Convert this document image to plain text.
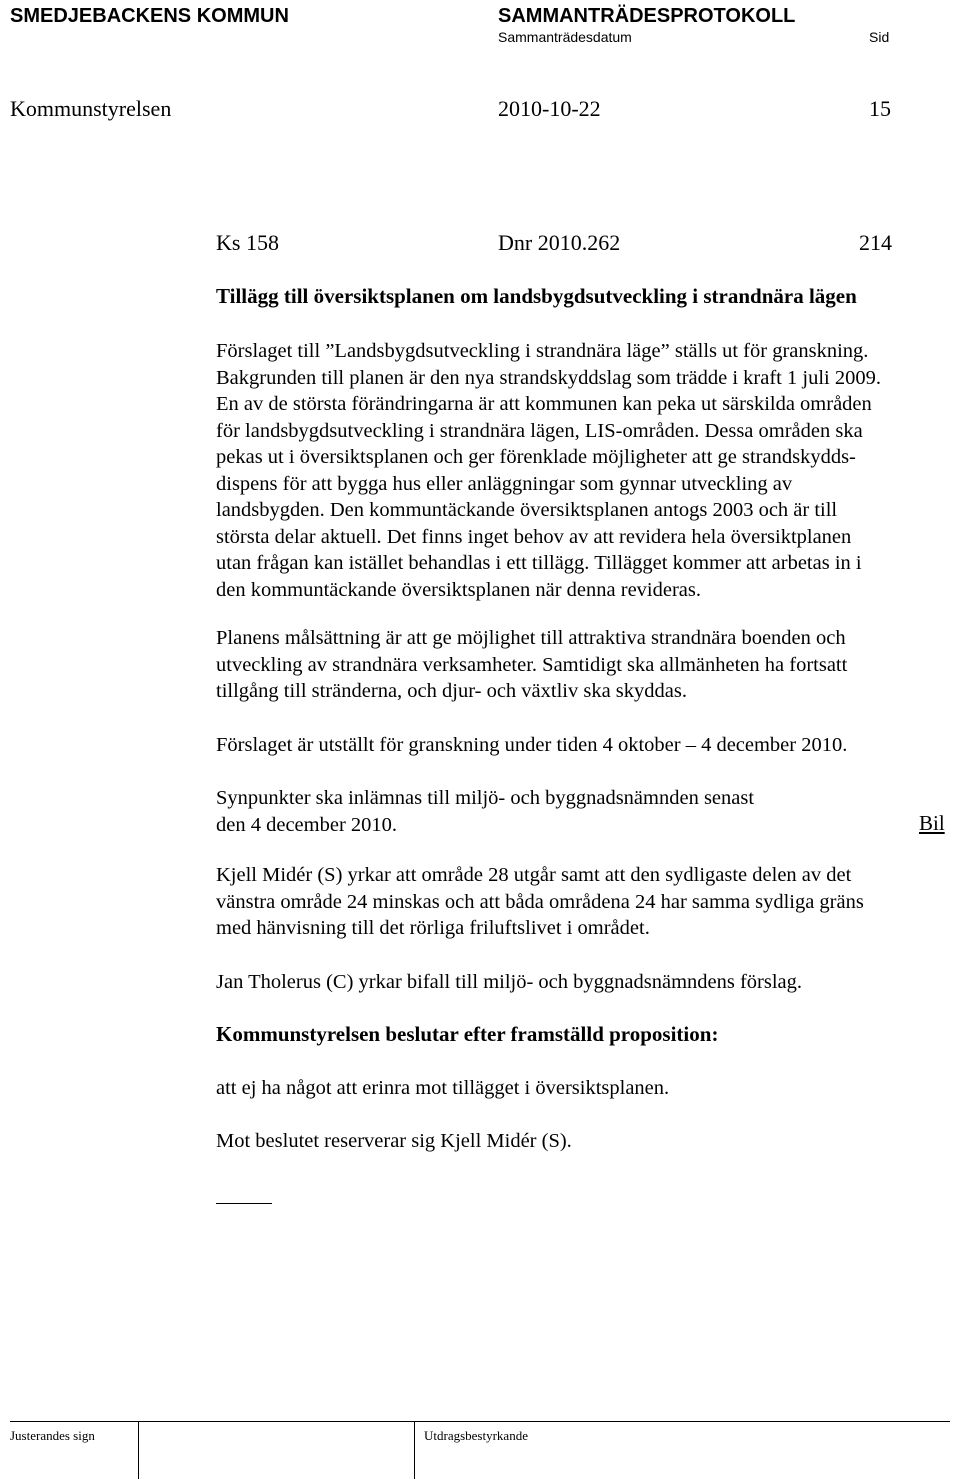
SMEDJEBACKENS KOMMUN	SAMMANTRÄDESPROTOKOLL
Sammanträdesdatum	Sid
Kommunstyrelsen	2010-10-22	15
Ks 158	Dnr 2010.262	214
Tillägg till översiktsplanen om landsbygdsutveckling i strandnära lägen
Förslaget till ”Landsbygdsutveckling i strandnära läge” ställs ut för granskning.
Bakgrunden till planen är den nya strandskyddslag som trädde i kraft 1 juli 2009.
En av de största förändringarna är att kommunen kan peka ut särskilda områden
för landsbygdsutveckling i strandnära lägen, LIS-områden. Dessa områden ska
pekas ut i översiktsplanen och ger förenklade möjligheter att ge strandskydds-
dispens för att bygga hus eller anläggningar som gynnar utveckling av
landsbygden. Den kommuntäckande översiktsplanen antogs 2003 och är till
största delar aktuell. Det finns inget behov av att revidera hela översiktplanen
utan frågan kan istället behandlas i ett tillägg. Tillägget kommer att arbetas in i
den kommuntäckande översiktsplanen när denna revideras.
Planens målsättning är att ge möjlighet till attraktiva strandnära boenden och
utveckling av strandnära verksamheter. Samtidigt ska allmänheten ha fortsatt
tillgång till stränderna, och djur- och växtliv ska skyddas.
Förslaget är utställt för granskning under tiden 4 oktober – 4 december 2010.
Synpunkter ska inlämnas till miljö- och byggnadsnämnden senast
den 4 december 2010.	Bil
Kjell Midér (S) yrkar att område 28 utgår samt att den sydligaste delen av det
vänstra område 24 minskas och att båda områdena 24 har samma sydliga gräns
med hänvisning till det rörliga friluftslivet i området.
Jan Tholerus (C) yrkar bifall till miljö- och byggnadsnämndens förslag.
Kommunstyrelsen beslutar efter framställd proposition:
att ej ha något att erinra mot tillägget i översiktsplanen.
Mot beslutet reserverar sig Kjell Midér (S).
Justerandes sign	Utdragsbestyrkande
